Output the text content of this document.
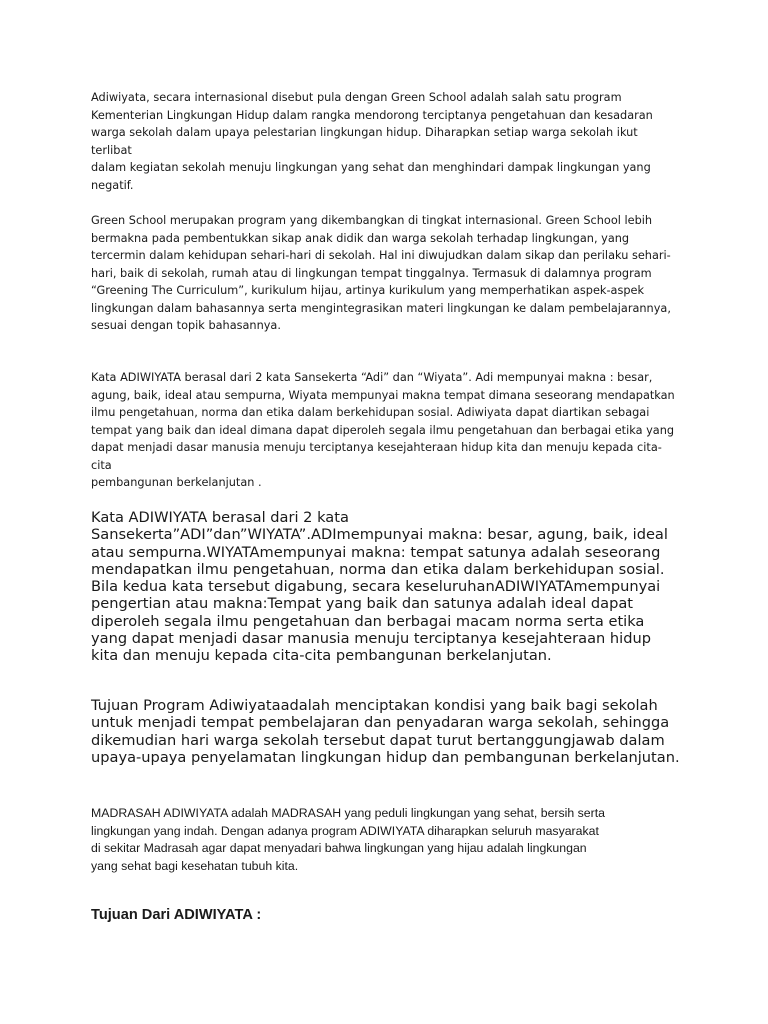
Adiwiyata, secara internasional disebut pula dengan Green School adalah salah satu program
Kementerian Lingkungan Hidup dalam rangka mendorong terciptanya pengetahuan dan kesadaran
warga sekolah dalam upaya pelestarian lingkungan hidup. Diharapkan setiap warga sekolah ikut terlibat
dalam kegiatan sekolah menuju lingkungan yang sehat dan menghindari dampak lingkungan yang
negatif.

Green School merupakan program yang dikembangkan di tingkat internasional. Green School lebih
bermakna pada pembentukkan sikap anak didik dan warga sekolah terhadap lingkungan, yang
tercermin dalam kehidupan sehari-hari di sekolah. Hal ini diwujudkan dalam sikap dan perilaku sehari-
hari, baik di sekolah, rumah atau di lingkungan tempat tinggalnya. Termasuk di dalamnya program
“Greening The Curriculum”, kurikulum hijau, artinya kurikulum yang memperhatikan aspek-aspek
lingkungan dalam bahasannya serta mengintegrasikan materi lingkungan ke dalam pembelajarannya,
sesuai dengan topik bahasannya.

Kata ADIWIYATA berasal dari 2 kata Sansekerta “Adi” dan “Wiyata”. Adi mempunyai makna : besar,
agung, baik, ideal atau sempurna, Wiyata mempunyai makna tempat dimana seseorang mendapatkan
ilmu pengetahuan, norma dan etika dalam berkehidupan sosial. Adiwiyata dapat diartikan sebagai
tempat yang baik dan ideal dimana dapat diperoleh segala ilmu pengetahuan dan berbagai etika yang
dapat menjadi dasar manusia menuju terciptanya kesejahteraan hidup kita dan menuju kepada cita-cita
pembangunan berkelanjutan .

Kata ADIWIYATA berasal dari 2 kata
Sansekerta”ADI”dan”WIYATA”.ADImempunyai makna: besar, agung, baik, ideal
atau sempurna.WIYATAmempunyai makna: tempat satunya adalah seseorang
mendapatkan ilmu pengetahuan, norma dan etika dalam berkehidupan sosial.
Bila kedua kata tersebut digabung, secara keseluruhanADIWIYATAmempunyai
pengertian atau makna:Tempat yang baik dan satunya adalah ideal dapat
diperoleh segala ilmu pengetahuan dan berbagai macam norma serta etika
yang dapat menjadi dasar manusia menuju terciptanya kesejahteraan hidup
kita dan menuju kepada cita-cita pembangunan berkelanjutan.

Tujuan Program Adiwiyataadalah menciptakan kondisi yang baik bagi sekolah
untuk menjadi tempat pembelajaran dan penyadaran warga sekolah, sehingga
dikemudian hari warga sekolah tersebut dapat turut bertanggungjawab dalam
upaya-upaya penyelamatan lingkungan hidup dan pembangunan berkelanjutan.

MADRASAH ADIWIYATA adalah MADRASAH yang peduli lingkungan yang sehat, bersih serta
lingkungan yang indah. Dengan adanya program ADIWIYATA diharapkan seluruh masyarakat
di sekitar Madrasah agar dapat menyadari bahwa lingkungan yang hijau adalah lingkungan
yang sehat bagi kesehatan tubuh kita.

Tujuan Dari ADIWIYATA :
